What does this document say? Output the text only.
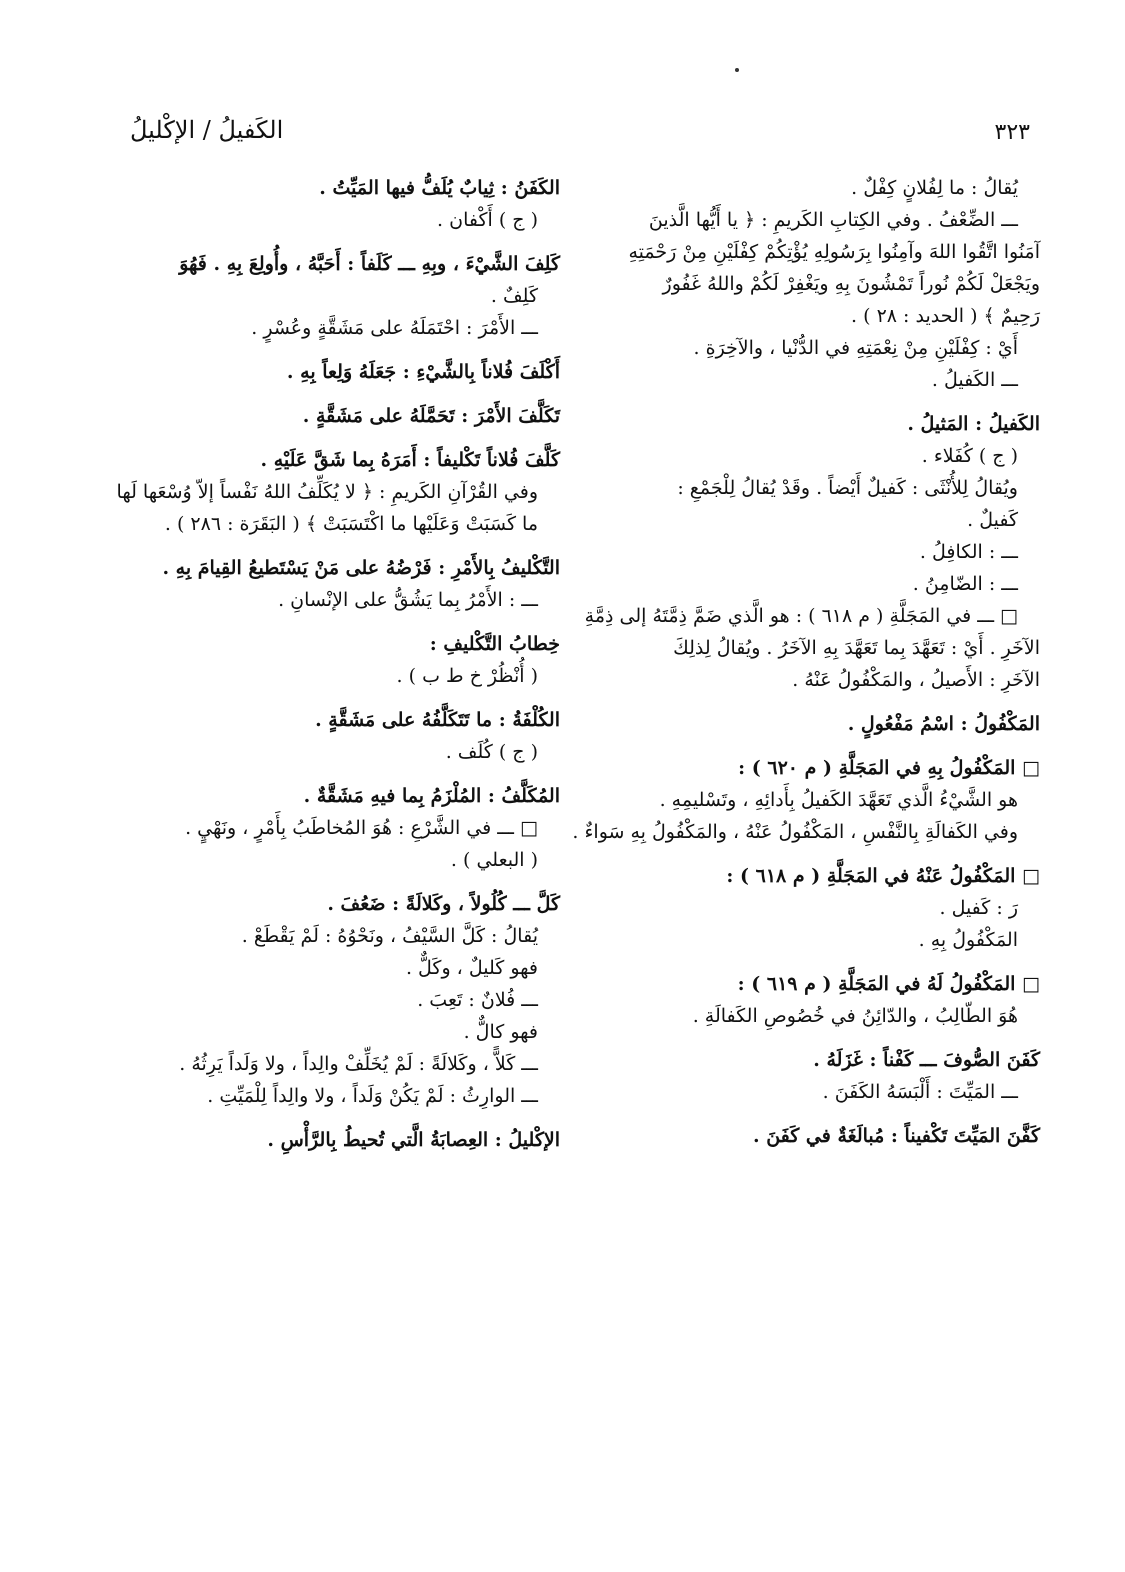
الكَفيلُ / الإكْليلُ	٣٢٣
يُقالُ : ما لِفُلانٍ كِفْلٌ .
ـــ الضِّعْفُ . وفي الكِتابِ الكَريمِ : ﴿ يا أَيُّها الَّذينَ
آمَنُوا اتَّقُوا اللهَ وآمِنُوا بِرَسُولِهِ يُؤْتِكُمْ كِفْلَيْنِ مِنْ رَحْمَتِهِ
ويَجْعَلْ لَكُمْ نُوراً تَمْشُونَ بِهِ ويَغْفِرْ لَكُمْ واللهُ غَفُورٌ
رَحِيمٌ ﴾ ( الحديد : ٢٨ ) .
أَيْ : كِفْلَيْنِ مِنْ نِعْمَتِهِ في الدُّنْيا ، والآخِرَةِ .
ـــ الكَفيلُ .
الكَفيلُ : المَثيلُ .
( ج ) كُفَلاء .
ويُقالُ لِلأُنْثَى : كَفيلٌ أَيْضاً . وقَدْ يُقالُ لِلْجَمْعِ :
كَفيلٌ .
ـــ : الكافِلُ .
ـــ : الضّامِنُ .
□ ـــ في المَجَلَّةِ ( م ٦١٨ ) : هو الَّذي ضَمَّ ذِمَّتَهُ إلى ذِمَّةِ
الآخَرِ . أَيْ : تَعَهَّدَ بِما تَعَهَّدَ بِهِ الآخَرُ . ويُقالُ لِذلِكَ
الآخَرِ : الأَصيلُ ، والمَكْفُولُ عَنْهُ .
المَكْفُولُ : اسْمُ مَفْعُولٍ .
□ المَكْفُولُ بِهِ في المَجَلَّةِ ( م ٦٢٠ ) :
هو الشَّيْءُ الَّذي تَعَهَّدَ الكَفيلُ بِأَدائِهِ ، وتَسْليمِهِ .
وفي الكَفالَةِ بِالنَّفْسِ ، المَكْفُولُ عَنْهُ ، والمَكْفُولُ بِهِ سَواءٌ .
□ المَكْفُولُ عَنْهُ في المَجَلَّةِ ( م ٦١٨ ) :
رَ : كَفيل .
المَكْفُولُ بِهِ .
□ المَكْفُولُ لَهُ في المَجَلَّةِ ( م ٦١٩ ) :
هُوَ الطّالِبُ ، والدّائِنُ في خُصُوصِ الكَفالَةِ .
كَفَنَ الصُّوفَ ـــ كَفْناً : غَزَلَهُ .
ـــ المَيِّتَ : أَلْبَسَهُ الكَفَنَ .
كَفَّنَ المَيِّتَ تَكْفيناً : مُبالَغَةٌ في كَفَنَ .
الكَفَنُ : ثِيابٌ يُلَفُّ فيها المَيِّتُ .
( ج ) أَكْفان .
كَلِفَ الشَّيْءَ ، وبِهِ ـــ كَلَفاً : أَحَبَّهُ ، وأُولِعَ بِهِ . فَهُوَ
كَلِفٌ .
ـــ الأَمْرَ : احْتَمَلَهُ على مَشَقَّةٍ وعُسْرٍ .
أَكْلَفَ فُلاناً بِالشَّيْءِ : جَعَلَهُ وَلِعاً بِهِ .
تَكَلَّفَ الأَمْرَ : تَحَمَّلَهُ على مَشَقَّةٍ .
كَلَّفَ فُلاناً تَكْليفاً : أَمَرَهُ بِما شَقَّ عَلَيْهِ .
وفي القُرْآنِ الكَريمِ : ﴿ لا يُكَلِّفُ اللهُ نَفْساً إلاّ وُسْعَها لَها
ما كَسَبَتْ وَعَلَيْها ما اكْتَسَبَتْ ﴾ ( البَقَرَة : ٢٨٦ ) .
التَّكْليفُ بِالأَمْرِ : فَرْضُهُ على مَنْ يَسْتَطيعُ القِيامَ بِهِ .
ـــ : الأَمْرُ بِما يَشُقُّ على الإنْسانِ .
خِطابُ التَّكْليفِ :
( أُنْظُرْ خ ط ب ) .
الكُلْفَةُ : ما تَتَكَلَّفُهُ على مَشَقَّةٍ .
( ج ) كُلَف .
المُكَلَّفُ : المُلْزَمُ بِما فيهِ مَشَقَّةٌ .
□ ـــ في الشَّرْعِ : هُوَ المُخاطَبُ بِأَمْرٍ ، ونَهْيٍ .
( البعلي ) .
كَلَّ ـــ كُلُولاً ، وكَلالَةً : ضَعُفَ .
يُقالُ : كَلَّ السَّيْفُ ، ونَحْوُهُ : لَمْ يَقْطَعْ .
فهو كَليلٌ ، وكَلٌّ .
ـــ فُلانٌ : تَعِبَ .
فهو كالٌّ .
ـــ كَلاًّ ، وكَلالَةً : لَمْ يُخَلِّفْ والِداً ، ولا وَلَداً يَرِثُهُ .
ـــ الوارِثُ : لَمْ يَكُنْ وَلَداً ، ولا والِداً لِلْمَيِّتِ .
الإكْليلُ : العِصابَةُ الَّتي تُحيطُ بِالرَّأْسِ .
